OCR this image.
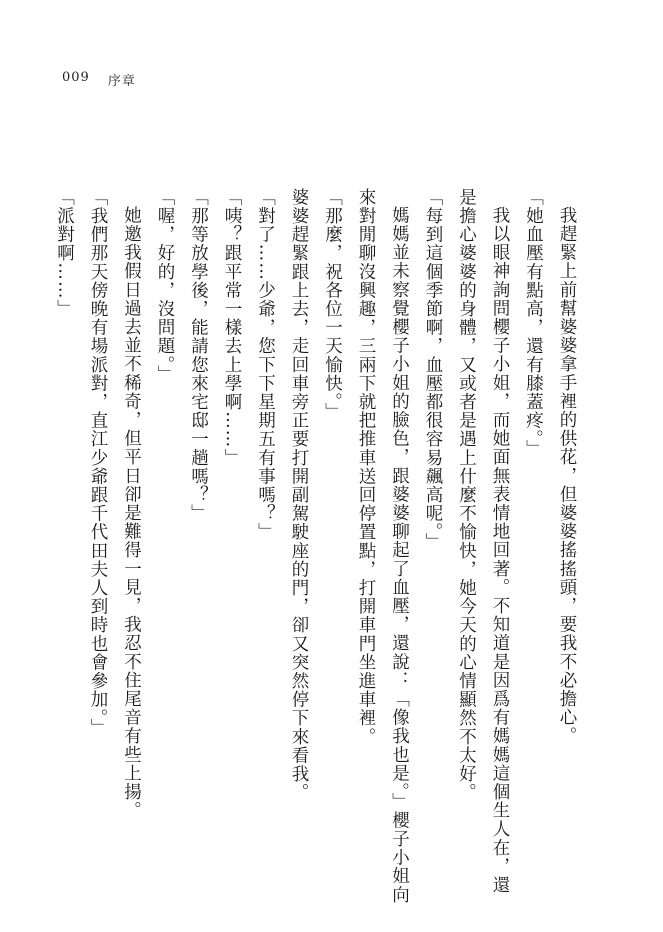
009 序章

我趕緊上前幫婆婆拿手裡的供花，但婆婆搖搖頭，要我不必擔心。

「她血壓有點高，還有膝蓋疼。」

我以眼神詢問櫻子小姐，而她面無表情地回著。不知道是因爲有媽媽這個生人在，還

是擔心婆婆的身體，又或者是遇上什麼不愉快，她今天的心情顯然不太好。

「每到這個季節啊，血壓都很容易飆高呢。」

媽媽並未察覺櫻子小姐的臉色，跟婆婆聊起了血壓，還說：「像我也是。」櫻子小姐向

來對閒聊沒興趣，三兩下就把推車送回停置點，打開車門坐進車裡。

「那麼，祝各位一天愉快。」

婆婆趕緊跟上去，走回車旁正要打開副駕駛座的門，卻又突然停下來看我。

「對了……少爺，您下下星期五有事嗎？」

「咦？跟平常一樣去上學啊……」

「那等放學後，能請您來宅邸一趟嗎？」

「喔，好的，沒問題。」

她邀我假日過去並不稀奇，但平日卻是難得一見，我忍不住尾音有些上揚。

「我們那天傍晚有場派對，直江少爺跟千代田夫人到時也會參加。」

「派對啊……」
